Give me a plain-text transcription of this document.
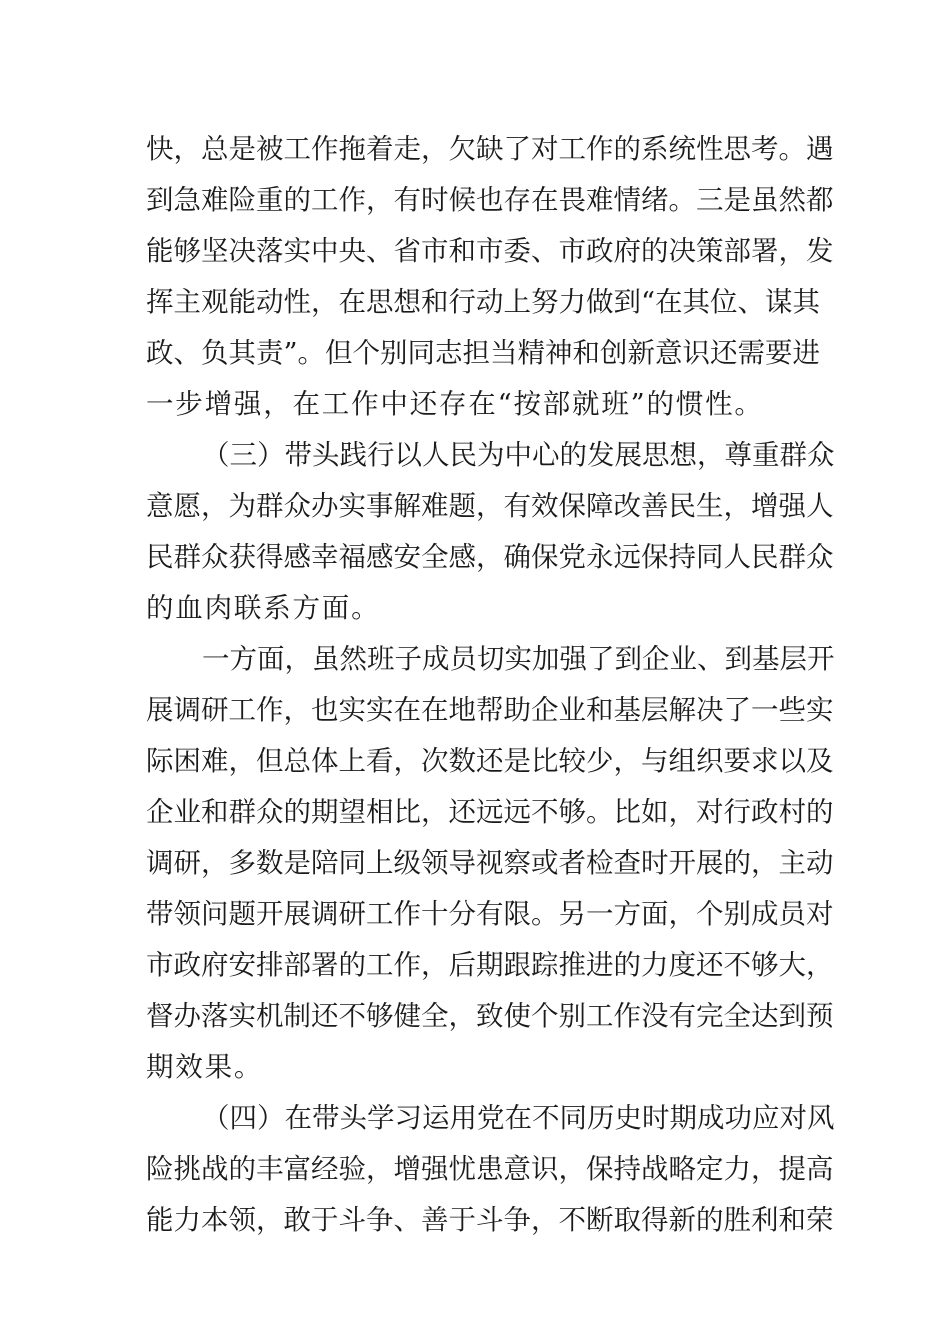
快，总是被工作拖着走，欠缺了对工作的系统性思考。遇
到急难险重的工作，有时候也存在畏难情绪。三是虽然都
能够坚决落实中央、省市和市委、市政府的决策部署，发
挥主观能动性，在思想和行动上努力做到“在其位、谋其
政、负其责”。但个别同志担当精神和创新意识还需要进
一步增强，在工作中还存在“按部就班”的惯性。
（三）带头践行以人民为中心的发展思想，尊重群众
意愿，为群众办实事解难题，有效保障改善民生，增强人
民群众获得感幸福感安全感，确保党永远保持同人民群众
的血肉联系方面。
一方面，虽然班子成员切实加强了到企业、到基层开
展调研工作，也实实在在地帮助企业和基层解决了一些实
际困难，但总体上看，次数还是比较少，与组织要求以及
企业和群众的期望相比，还远远不够。比如，对行政村的
调研，多数是陪同上级领导视察或者检查时开展的，主动
带领问题开展调研工作十分有限。另一方面，个别成员对
市政府安排部署的工作，后期跟踪推进的力度还不够大，
督办落实机制还不够健全，致使个别工作没有完全达到预
期效果。
（四）在带头学习运用党在不同历史时期成功应对风
险挑战的丰富经验，增强忧患意识，保持战略定力，提高
能力本领，敢于斗争、善于斗争，不断取得新的胜利和荣
